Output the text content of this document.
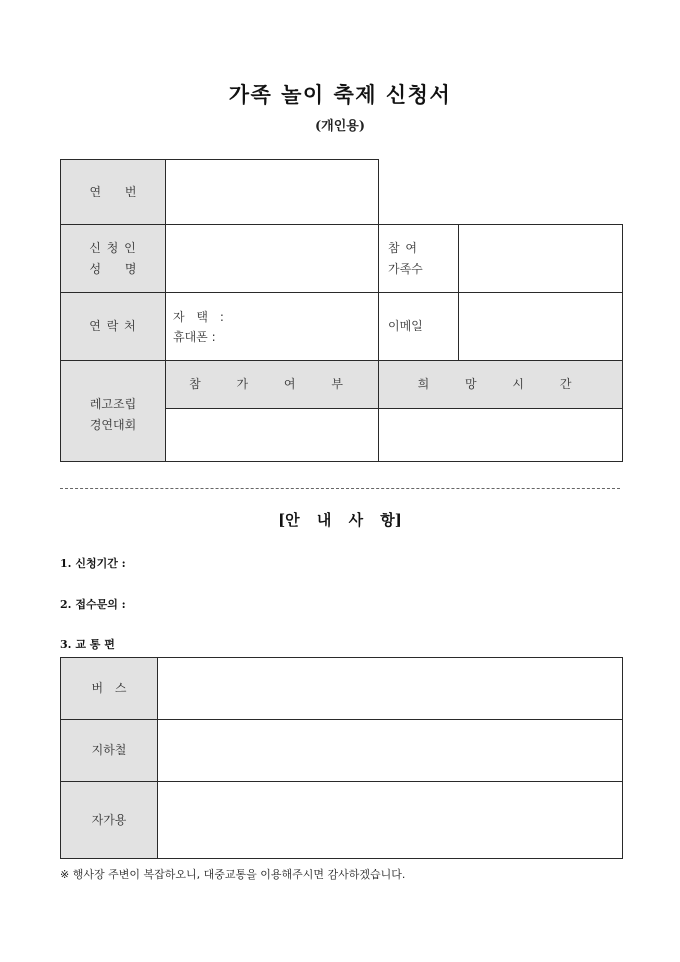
가족 놀이 축제 신청서
(개인용)
연 번
신 청 인
성 명
참 여
가족수
연 락 처
자 택 :
휴대폰 :
이메일
레고조립
경연대회
참 가 여 부	희 망 시 간
[안 내 사 항]
1. 신청기간 :
2. 접수문의 :
3. 교 통 편
버 스
지하철
자가용
※ 행사장 주변이 복잡하오니, 대중교통을 이용해주시면 감사하겠습니다.
